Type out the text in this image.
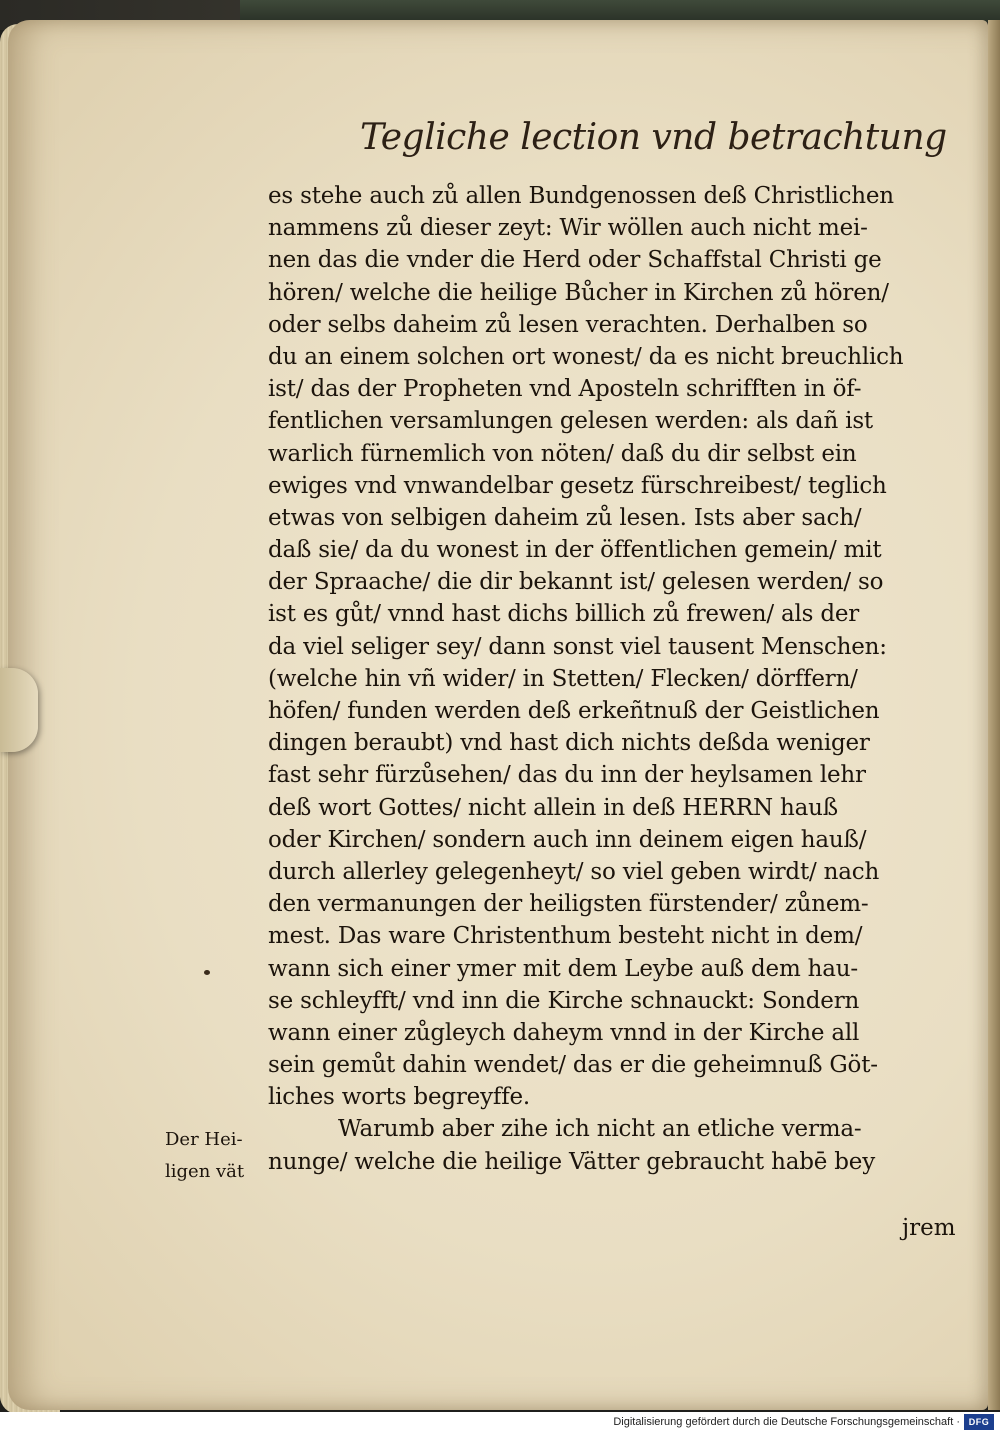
Tegliche lection vnd betrachtung
es stehe auch zů allen Bundgenossen deß Christlichen
nammens zů dieser zeyt: Wir wöllen auch nicht mei-
nen das die vnder die Herd oder Schaffstal Christi ge
hören/ welche die heilige Bůcher in Kirchen zů hören/
oder selbs daheim zů lesen verachten. Derhalben so
du an einem solchen ort wonest/ da es nicht breuchlich
ist/ das der Propheten vnd Aposteln schrifften in öf-
fentlichen versamlungen gelesen werden: als dañ ist
warlich fürnemlich von nöten/ daß du dir selbst ein
ewiges vnd vnwandelbar gesetz fürschreibest/ teglich
etwas von selbigen daheim zů lesen. Ists aber sach/
daß sie/ da du wonest in der öffentlichen gemein/ mit
der Spraache/ die dir bekannt ist/ gelesen werden/ so
ist es gůt/ vnnd hast dichs billich zů frewen/ als der
da viel seliger sey/ dann sonst viel tausent Menschen:
(welche hin vñ wider/ in Stetten/ Flecken/ dörffern/
höfen/ funden werden deß erkeñtnuß der Geistlichen
dingen beraubt) vnd hast dich nichts deßda weniger
fast sehr fürzůsehen/ das du inn der heylsamen lehr
deß wort Gottes/ nicht allein in deß HERRN hauß
oder Kirchen/ sondern auch inn deinem eigen hauß/
durch allerley gelegenheyt/ so viel geben wirdt/ nach
den vermanungen der heiligsten fürstender/ zůnem-
mest. Das ware Christenthum besteht nicht in dem/
wann sich einer ymer mit dem Leybe auß dem hau-
se schleyfft/ vnd inn die Kirche schnauckt: Sondern
wann einer zůgleych daheym vnnd in der Kirche all
sein gemůt dahin wendet/ das er die geheimnuß Göt-
liches worts begreyffe.
Warumb aber zihe ich nicht an etliche verma-
nunge/ welche die heilige Vätter gebraucht habē bey
Der Hei-
ligen vät
jrem
Digitalisierung gefördert durch die Deutsche Forschungsgemeinschaft · DFG
